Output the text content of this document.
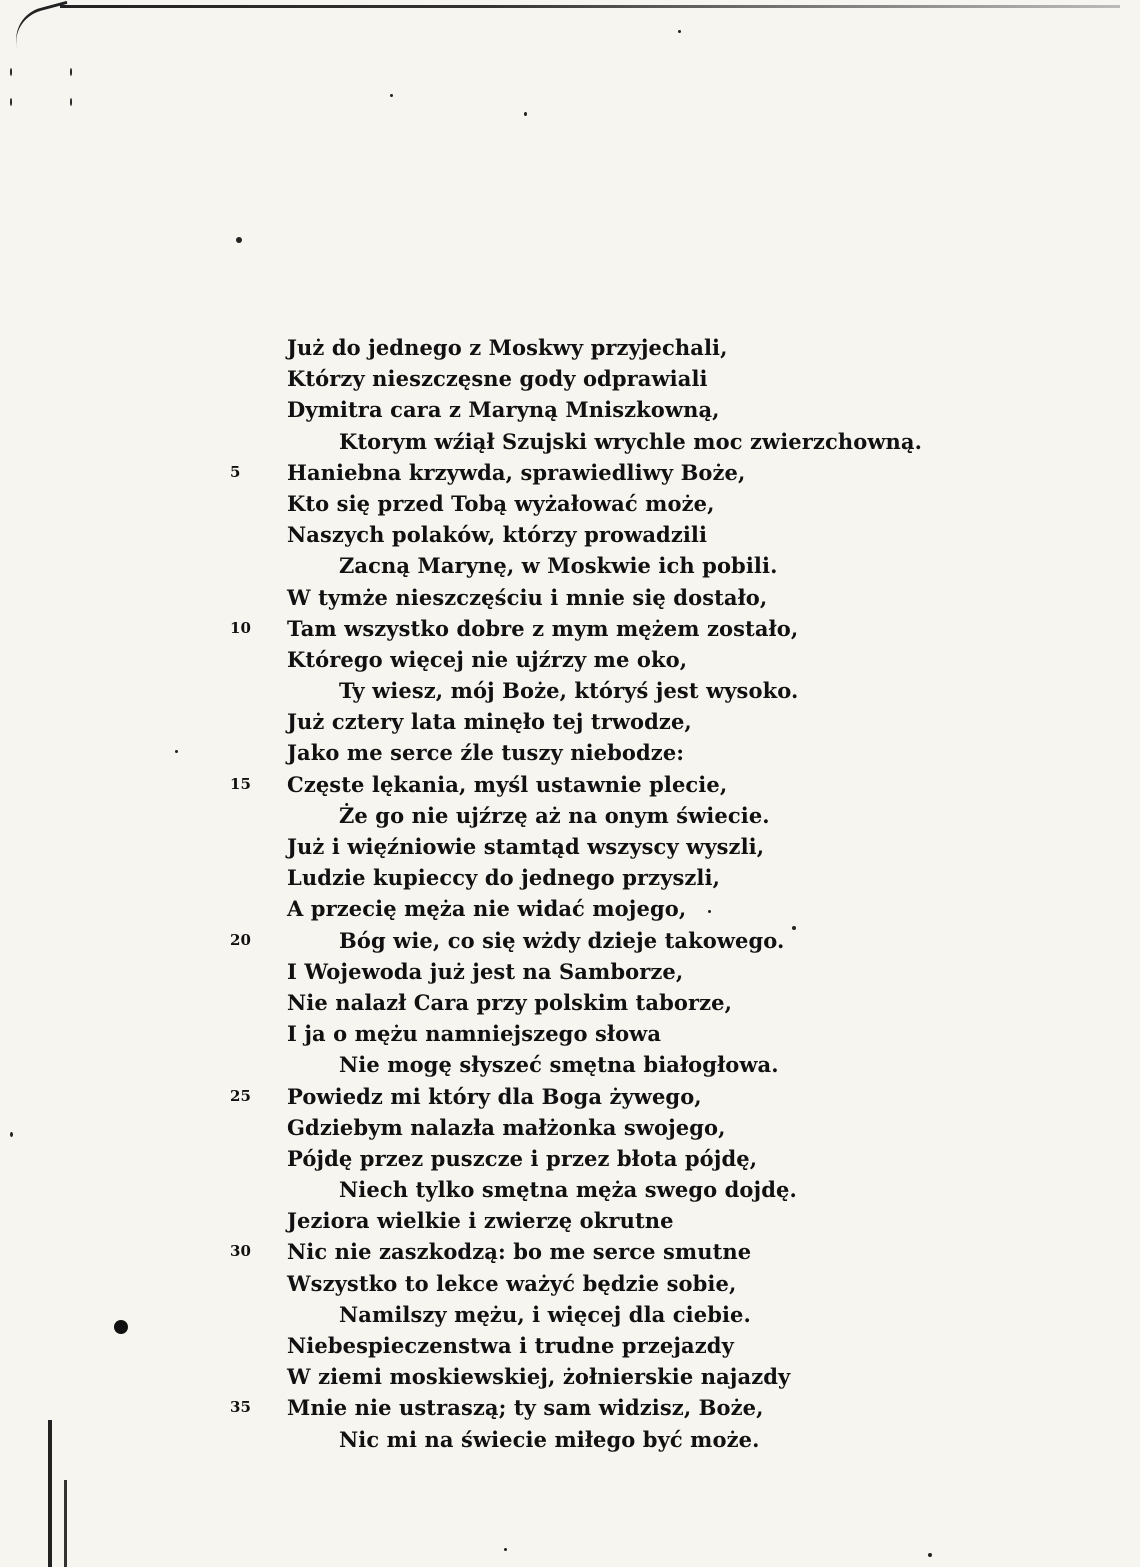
Już do jednego z Moskwy przyjechali,
Którzy nieszczęsne gody odprawiali
Dymitra cara z Maryną Mniszkowną,
Ktorym wźiął Szujski wrychle moc zwierzchowną.
5	Haniebna krzywda, sprawiedliwy Boże,
Kto się przed Tobą wyżałować może,
Naszych polaków, którzy prowadzili
Zacną Marynę, w Moskwie ich pobili.
W tymże nieszczęściu i mnie się dostało,
10	Tam wszystko dobre z mym mężem zostało,
Którego więcej nie ujźrzy me oko,
Ty wiesz, mój Boże, któryś jest wysoko.
Już cztery lata minęło tej trwodze,
Jako me serce źle tuszy niebodze:
15	Częste lękania, myśl ustawnie plecie,
Że go nie ujźrzę aż na onym świecie.
Już i więźniowie stamtąd wszyscy wyszli,
Ludzie kupieccy do jednego przyszli,
A przecię męża nie widać mojego,
20	Bóg wie, co się wżdy dzieje takowego.
I Wojewoda już jest na Samborze,
Nie nalazł Cara przy polskim taborze,
I ja o mężu namniejszego słowa
Nie mogę słyszeć smętna białogłowa.
25	Powiedz mi który dla Boga żywego,
Gdziebym nalazła małżonka swojego,
Pójdę przez puszcze i przez błota pójdę,
Niech tylko smętna męża swego dojdę.
Jeziora wielkie i zwierzę okrutne
30	Nic nie zaszkodzą: bo me serce smutne
Wszystko to lekce ważyć będzie sobie,
Namilszy mężu, i więcej dla ciebie.
Niebespieczenstwa i trudne przejazdy
W ziemi moskiewskiej, żołnierskie najazdy
35	Mnie nie ustraszą; ty sam widzisz, Boże,
Nic mi na świecie miłego być może.
